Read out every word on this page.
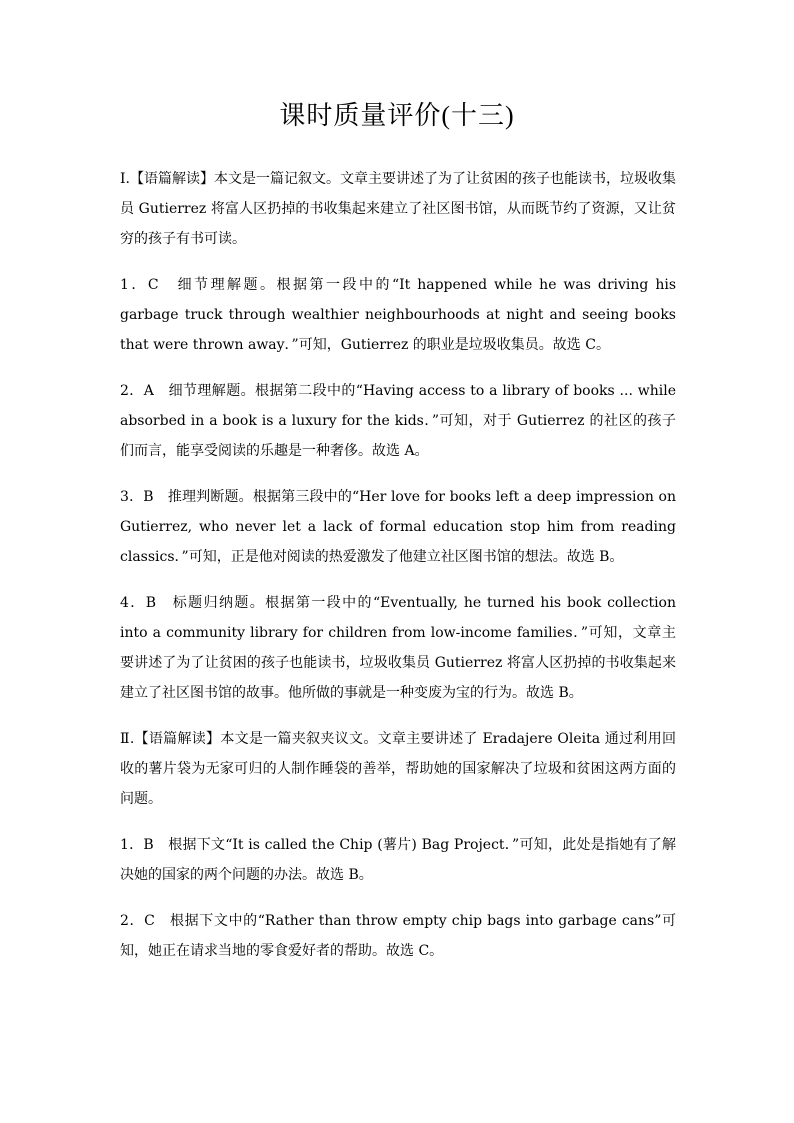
课时质量评价(十三)

Ⅰ.【语篇解读】本文是一篇记叙文。文章主要讲述了为了让贫困的孩子也能读书，垃圾收集员 Gutierrez 将富人区扔掉的书收集起来建立了社区图书馆，从而既节约了资源，又让贫穷的孩子有书可读。

1．C　细节理解题。根据第一段中的“It happened while he was driving his garbage truck through wealthier neighbourhoods at night and seeing books that were thrown away．”可知，Gutierrez 的职业是垃圾收集员。故选 C。

2．A　细节理解题。根据第二段中的“Having access to a library of books ... while absorbed in a book is a luxury for the kids．”可知，对于 Gutierrez 的社区的孩子们而言，能享受阅读的乐趣是一种奢侈。故选 A。

3．B　推理判断题。根据第三段中的“Her love for books left a deep impression on Gutierrez, who never let a lack of formal education stop him from reading classics．”可知，正是他对阅读的热爱激发了他建立社区图书馆的想法。故选 B。

4．B　标题归纳题。根据第一段中的“Eventually, he turned his book collection into a community library for children from low-income families．”可知，文章主要讲述了为了让贫困的孩子也能读书，垃圾收集员 Gutierrez 将富人区扔掉的书收集起来建立了社区图书馆的故事。他所做的事就是一种变废为宝的行为。故选 B。

Ⅱ.【语篇解读】本文是一篇夹叙夹议文。文章主要讲述了 Eradajere Oleita 通过利用回收的薯片袋为无家可归的人制作睡袋的善举，帮助她的国家解决了垃圾和贫困这两方面的问题。

1．B　根据下文“It is called the Chip (薯片) Bag Project．”可知，此处是指她有了解决她的国家的两个问题的办法。故选 B。

2．C　根据下文中的“Rather than throw empty chip bags into garbage cans”可知，她正在请求当地的零食爱好者的帮助。故选 C。
